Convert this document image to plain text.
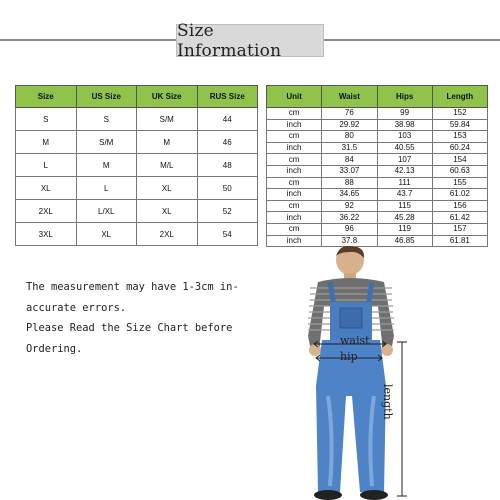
Size Information
Size	US Size	UK Size	RUS Size
S	S	S/M	44
M	S/M	M	46
L	M	M/L	48
XL	L	XL	50
2XL	L/XL	XL	52
3XL	XL	2XL	54
Unit	Waist	Hips	Length
cm	76	99	152
inch	29.92	38.98	59.84
cm	80	103	153
inch	31.5	40.55	60.24
cm	84	107	154
inch	33.07	42.13	60.63
cm	88	111	155
inch	34.65	43.7	61.02
cm	92	115	156
inch	36.22	45.28	61.42
cm	96	119	157
inch	37.8	46.85	61.81
The measurement may have 1-3cm in-
accurate errors.
Please Read the Size Chart before
Ordering.
waist
hip
length
